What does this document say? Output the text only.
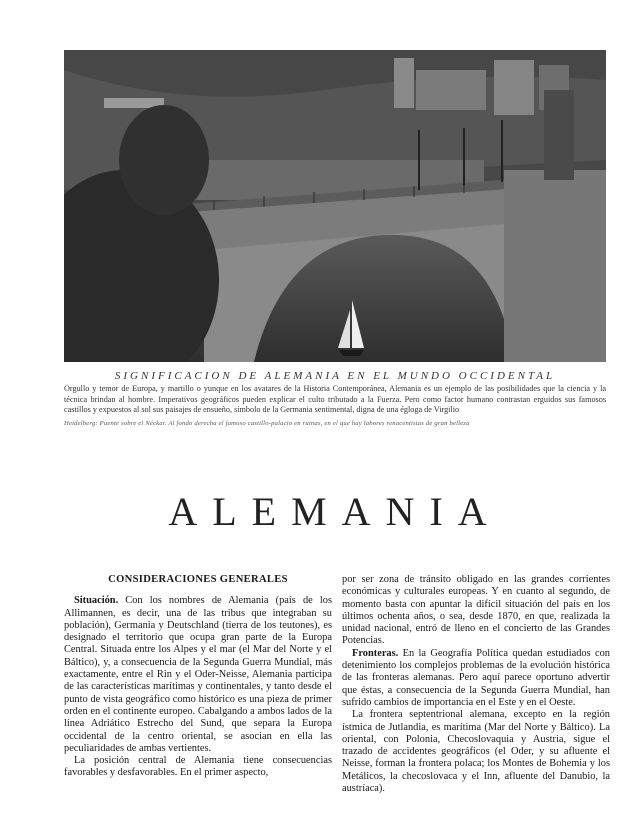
SIGNIFICACION DE ALEMANIA EN EL MUNDO OCCIDENTAL
Orgullo y temor de Europa, y martillo o yunque en los avatares de la Historia Contemporánea, Alemania es un ejemplo de las posibilidades que la ciencia y la técnica brindan al hombre. Imperativos geográficos pueden explicar el culto tributado a la Fuerza. Pero como factor humano contrastan erguidos sus famosos castillos y expuestos al sol sus paisajes de ensueño, símbolo de la Germania sentimental, digna de una égloga de Virgilio
Heidelberg: Puente sobre el Néckar. Al fondo derecha el famoso castillo-palacio en ruinas, en el que hay labores renacentistas de gran belleza
ALEMANIA
CONSIDERACIONES GENERALES

Situación. Con los nombres de Alemania (país de los Allimannen, es decir, una de las tribus que integraban su población), Germania y Deutschland (tierra de los teutones), es designado el territorio que ocupa gran parte de la Europa Central. Situada entre los Alpes y el mar (el Mar del Norte y el Báltico), y, a consecuencia de la Segunda Guerra Mundial, más exactamente, entre el Rin y el Oder-Neisse, Alemania participa de las características marítimas y continentales, y tanto desde el punto de vista geográfico como histórico es una pieza de primer orden en el continente europeo. Cabalgando a ambos lados de la línea Adriático Estrecho del Sund, que separa la Europa occidental de la centro oriental, se asocian en ella las peculiaridades de ambas vertientes.

La posición central de Alemania tiene consecuencias favorables y desfavorables. En el primer aspecto,

por ser zona de tránsito obligado en las grandes corrientes económicas y culturales europeas. Y en cuanto al segundo, de momento basta con apuntar la difícil situación del país en los últimos ochenta años, o sea, desde 1870, en que, realizada la unidad nacional, entró de lleno en el concierto de las Grandes Potencias.

Fronteras. En la Geografía Política quedan estudiados con detenimiento los complejos problemas de la evolución histórica de las fronteras alemanas. Pero aquí parece oportuno advertir que éstas, a consecuencia de la Segunda Guerra Mundial, han sufrido cambios de importancia en el Este y en el Oeste.

La frontera septentrional alemana, excepto en la región ístmica de Jutlandia, es marítima (Mar del Norte y Báltico). La oriental, con Polonia, Checoslovaquia y Austria, sigue el trazado de accidentes geográficos (el Oder, y su afluente el Neisse, forman la frontera polaca; los Montes de Bohemia y los Metálicos, la checoslovaca y el Inn, afluente del Danubio, la austríaca).
